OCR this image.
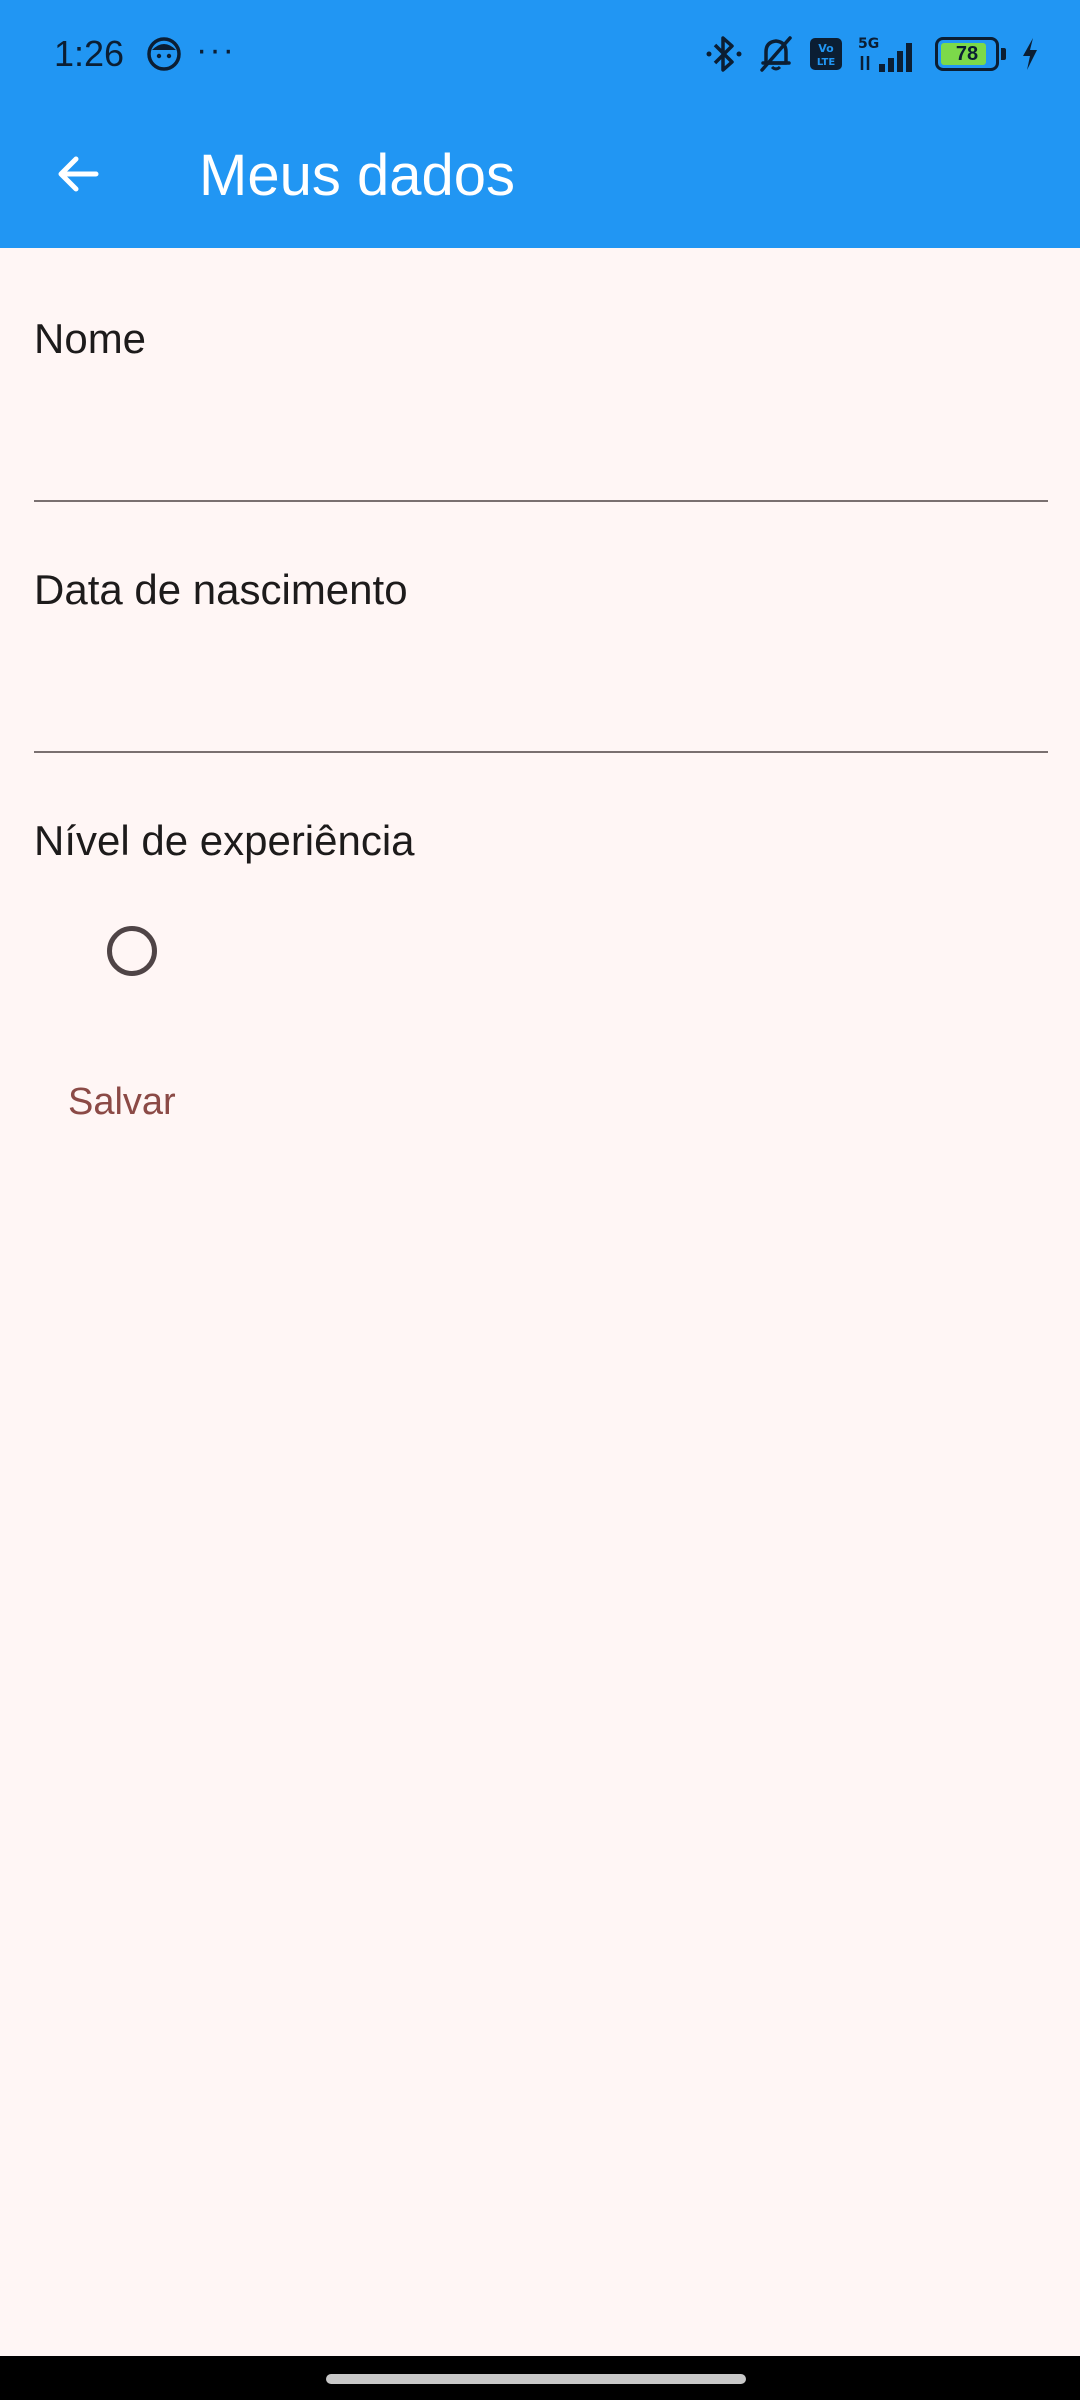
1:26 ···	Vo
LTE
5G	78
Meus dados
Nome
Data de nascimento
Nível de experiência
Salvar
